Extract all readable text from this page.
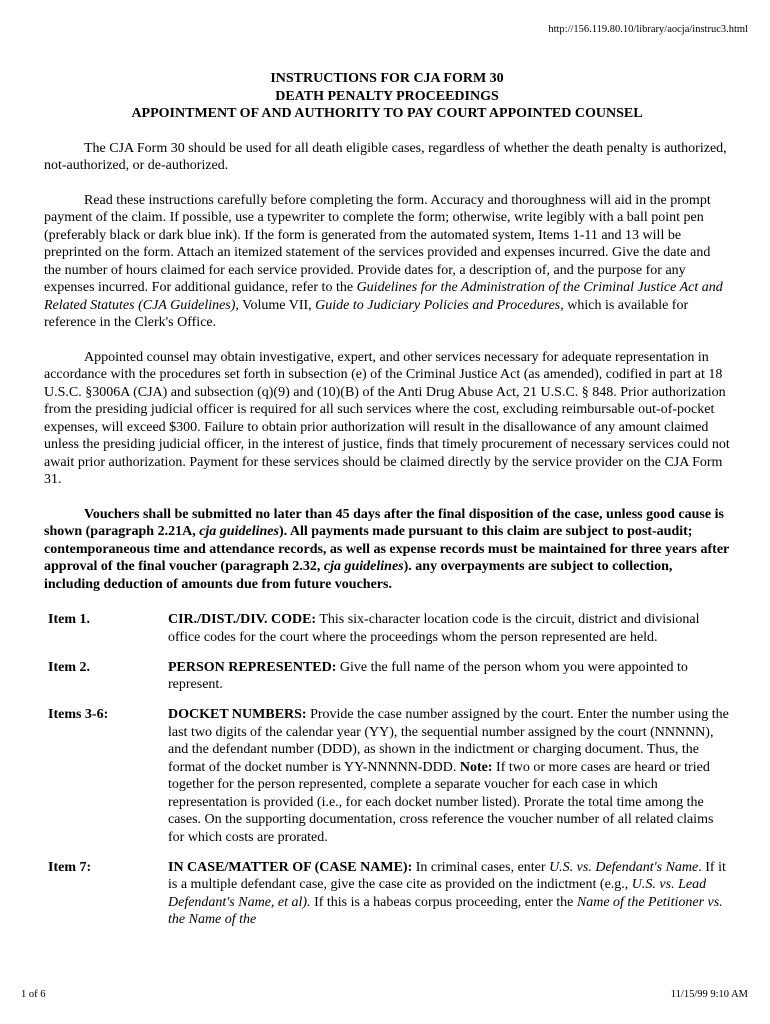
http://156.119.80.10/library/aocja/instruc3.html
INSTRUCTIONS FOR CJA FORM 30
DEATH PENALTY PROCEEDINGS
APPOINTMENT OF AND AUTHORITY TO PAY COURT APPOINTED COUNSEL

The CJA Form 30 should be used for all death eligible cases, regardless of whether the death penalty is authorized, not-authorized, or de-authorized.

Read these instructions carefully before completing the form. Accuracy and thoroughness will aid in the prompt payment of the claim. If possible, use a typewriter to complete the form; otherwise, write legibly with a ball point pen (preferably black or dark blue ink). If the form is generated from the automated system, Items 1-11 and 13 will be preprinted on the form. Attach an itemized statement of the services provided and expenses incurred. Give the date and the number of hours claimed for each service provided. Provide dates for, a description of, and the purpose for any expenses incurred. For additional guidance, refer to the Guidelines for the Administration of the Criminal Justice Act and Related Statutes (CJA Guidelines), Volume VII, Guide to Judiciary Policies and Procedures, which is available for reference in the Clerk's Office.

Appointed counsel may obtain investigative, expert, and other services necessary for adequate representation in accordance with the procedures set forth in subsection (e) of the Criminal Justice Act (as amended), codified in part at 18 U.S.C. §3006A (CJA) and subsection (q)(9) and (10)(B) of the Anti Drug Abuse Act, 21 U.S.C. § 848. Prior authorization from the presiding judicial officer is required for all such services where the cost, excluding reimbursable out-of-pocket expenses, will exceed $300. Failure to obtain prior authorization will result in the disallowance of any amount claimed unless the presiding judicial officer, in the interest of justice, finds that timely procurement of necessary services could not await prior authorization. Payment for these services should be claimed directly by the service provider on the CJA Form 31.

Vouchers shall be submitted no later than 45 days after the final disposition of the case, unless good cause is shown (paragraph 2.21A, cja guidelines). All payments made pursuant to this claim are subject to post-audit; contemporaneous time and attendance records, as well as expense records must be maintained for three years after approval of the final voucher (paragraph 2.32, cja guidelines). any overpayments are subject to collection, including deduction of amounts due from future vouchers.

Item 1.	CIR./DIST./DIV. CODE: This six-character location code is the circuit, district and divisional office codes for the court where the proceedings whom the person represented are held.
Item 2.	PERSON REPRESENTED: Give the full name of the person whom you were appointed to represent.
Items 3-6:	DOCKET NUMBERS: Provide the case number assigned by the court. Enter the number using the last two digits of the calendar year (YY), the sequential number assigned by the court (NNNNN), and the defendant number (DDD), as shown in the indictment or charging document. Thus, the format of the docket number is YY-NNNNN-DDD. Note: If two or more cases are heard or tried together for the person represented, complete a separate voucher for each case in which representation is provided (i.e., for each docket number listed). Prorate the total time among the cases. On the supporting documentation, cross reference the voucher number of all related claims for which costs are prorated.
Item 7:	IN CASE/MATTER OF (CASE NAME): In criminal cases, enter U.S. vs. Defendant's Name. If it is a multiple defendant case, give the case cite as provided on the indictment (e.g., U.S. vs. Lead Defendant's Name, et al). If this is a habeas corpus proceeding, enter the Name of the Petitioner vs. the Name of the
1 of 6	11/15/99 9:10 AM
